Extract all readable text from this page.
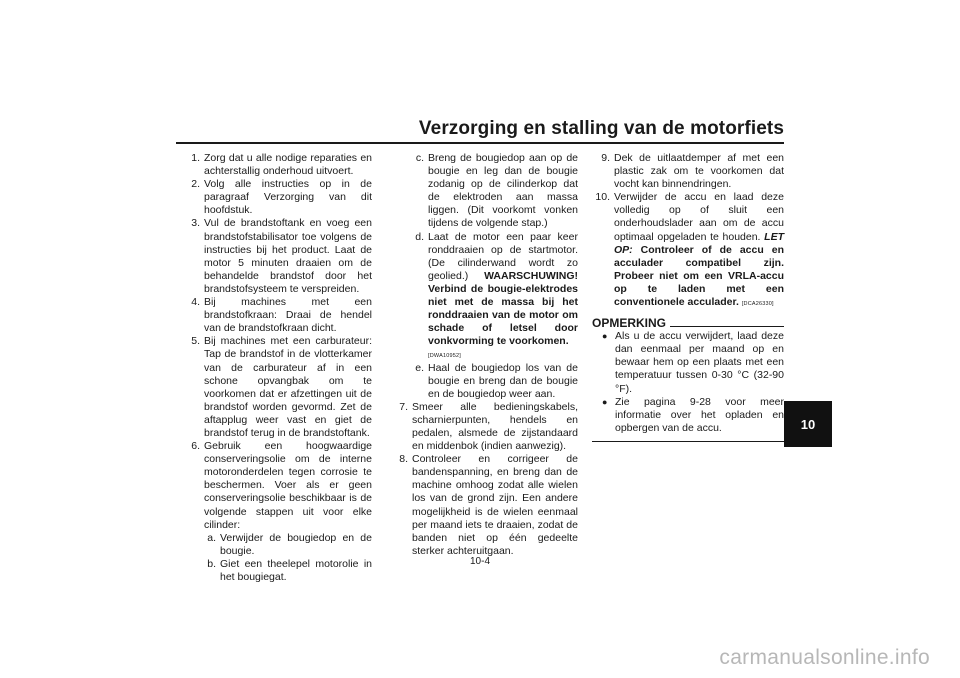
Verzorging en stalling van de motorfiets
1. Zorg dat u alle nodige reparaties en achterstallig onderhoud uitvoert.
2. Volg alle instructies op in de paragraaf Verzorging van dit hoofdstuk.
3. Vul de brandstoftank en voeg een brandstofstabilisator toe volgens de instructies bij het product. Laat de motor 5 minuten draaien om de behandelde brandstof door het brandstofsysteem te verspreiden.
4. Bij machines met een brandstofkraan: Draai de hendel van de brandstofkraan dicht.
5. Bij machines met een carburateur: Tap de brandstof in de vlotterkamer van de carburateur af in een schone opvangbak om te voorkomen dat er afzettingen uit de brandstof worden gevormd. Zet de aftapplug weer vast en giet de brandstof terug in de brandstoftank.
6. Gebruik een hoogwaardige conserveringsolie om de interne motoronderdelen tegen corrosie te beschermen. Voer als er geen conserveringsolie beschikbaar is de volgende stappen uit voor elke cilinder:
a. Verwijder de bougiedop en de bougie.
b. Giet een theelepel motorolie in het bougiegat.
c. Breng de bougiedop aan op de bougie en leg dan de bougie zodanig op de cilinderkop dat de elektroden aan massa liggen. (Dit voorkomt vonken tijdens de volgende stap.)
d. Laat de motor een paar keer ronddraaien op de startmotor. (De cilinderwand wordt zo geolied.) WAARSCHUWING! Verbind de bougie-elektrodes niet met de massa bij het ronddraaien van de motor om schade of letsel door vonkvorming te voorkomen.
[DWA10952]
e. Haal de bougiedop los van de bougie en breng dan de bougie en de bougiedop weer aan.
7. Smeer alle bedieningskabels, scharnierpunten, hendels en pedalen, alsmede de zijstandaard en middenbok (indien aanwezig).
8. Controleer en corrigeer de bandenspanning, en breng dan de machine omhoog zodat alle wielen los van de grond zijn. Een andere mogelijkheid is de wielen eenmaal per maand iets te draaien, zodat de banden niet op één gedeelte sterker achteruitgaan.
9. Dek de uitlaatdemper af met een plastic zak om te voorkomen dat vocht kan binnendringen.
10. Verwijder de accu en laad deze volledig op of sluit een onderhoudslader aan om de accu optimaal opgeladen te houden. LET OP: Controleer of de accu en acculader compatibel zijn. Probeer niet om een VRLA-accu op te laden met een conventionele acculader. [DCA26330]
OPMERKING
● Als u de accu verwijdert, laad deze dan eenmaal per maand op en bewaar hem op een plaats met een temperatuur tussen 0-30 °C (32-90 °F).
● Zie pagina 9-28 voor meer informatie over het opladen en opbergen van de accu.	10
10-4
carmanualsonline.info
